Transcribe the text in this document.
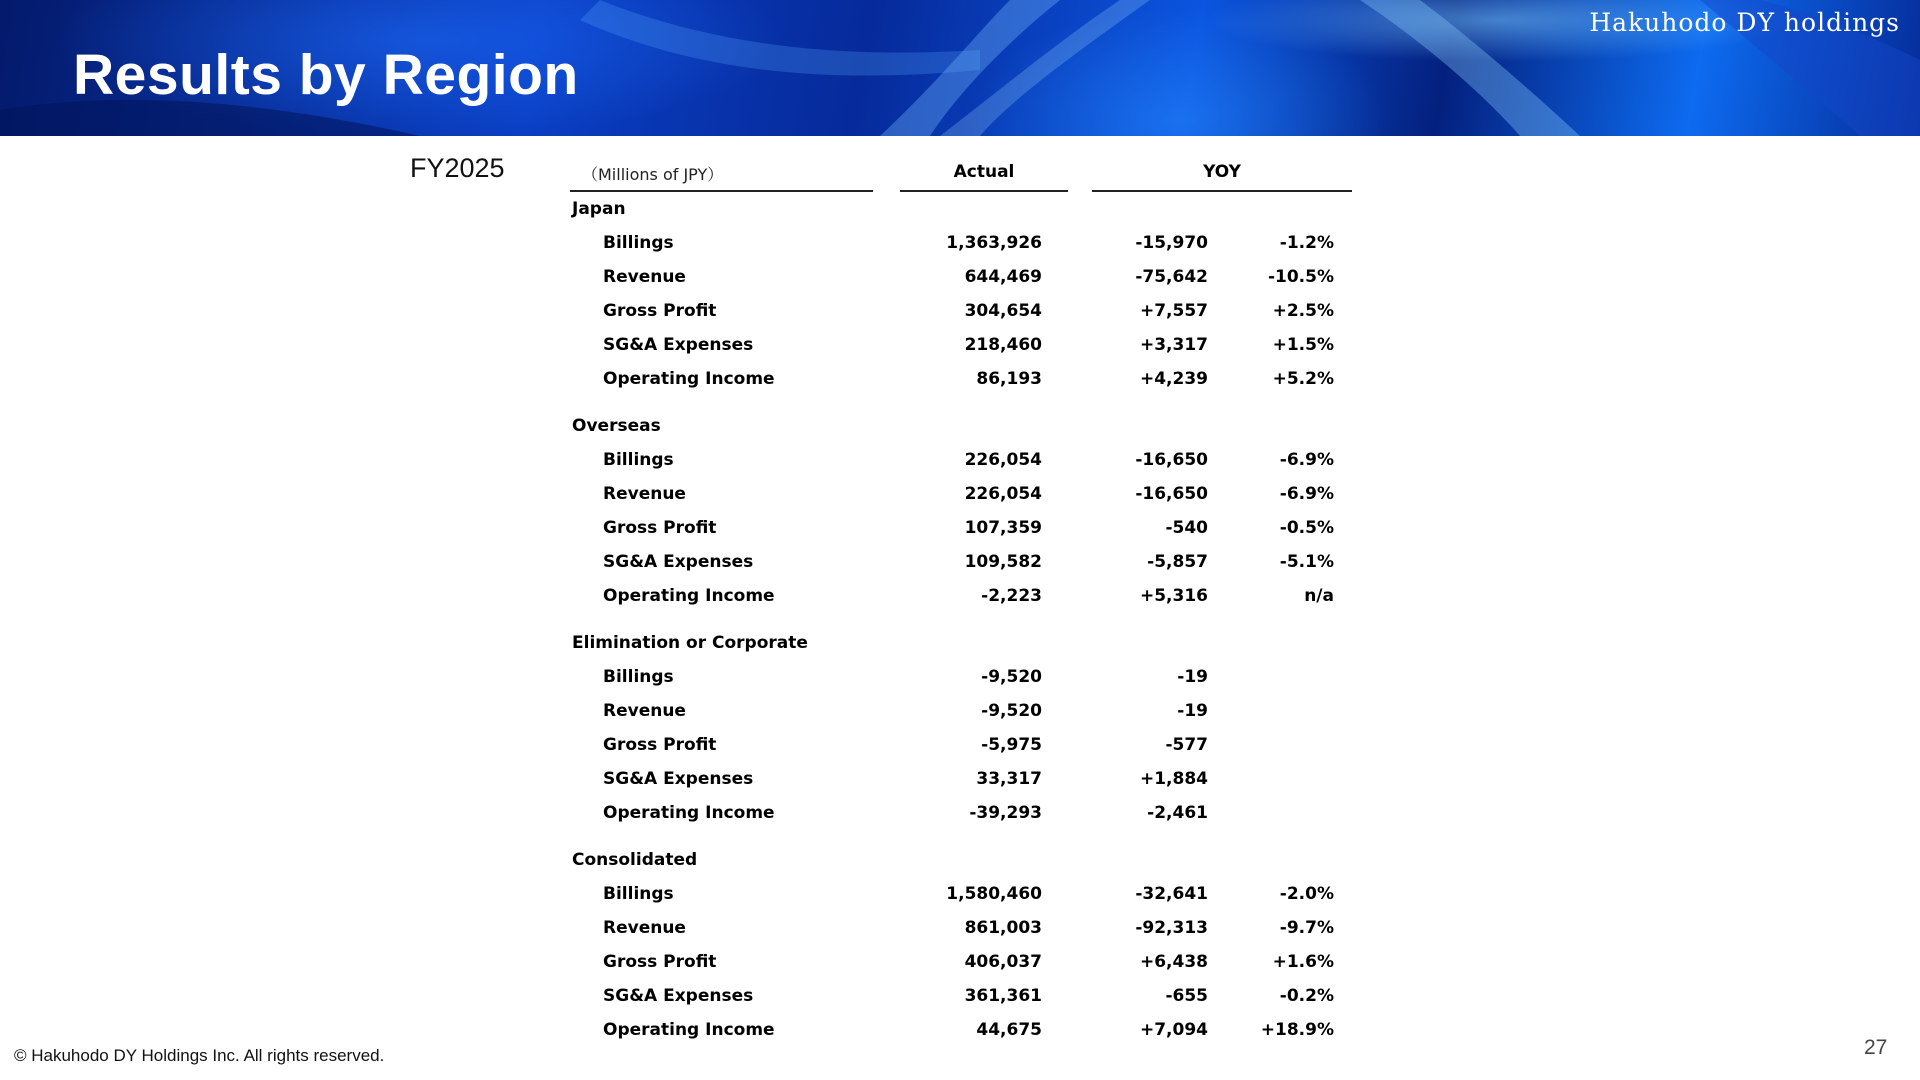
Results by Region
Hakuhodo DY holdings
FY2025	（Millions of JPY）	Actual	YOY
Japan
Billings	1,363,926	-15,970	-1.2%
Revenue	644,469	-75,642	-10.5%
Gross Profit	304,654	+7,557	+2.5%
SG&A Expenses	218,460	+3,317	+1.5%
Operating Income	86,193	+4,239	+5.2%
Overseas
Billings	226,054	-16,650	-6.9%
Revenue	226,054	-16,650	-6.9%
Gross Profit	107,359	-540	-0.5%
SG&A Expenses	109,582	-5,857	-5.1%
Operating Income	-2,223	+5,316	n/a
Elimination or Corporate
Billings	-9,520	-19
Revenue	-9,520	-19
Gross Profit	-5,975	-577
SG&A Expenses	33,317	+1,884
Operating Income	-39,293	-2,461
Consolidated
Billings	1,580,460	-32,641	-2.0%
Revenue	861,003	-92,313	-9.7%
Gross Profit	406,037	+6,438	+1.6%
SG&A Expenses	361,361	-655	-0.2%
Operating Income	44,675	+7,094	+18.9%
© Hakuhodo DY Holdings Inc. All rights reserved.	27
